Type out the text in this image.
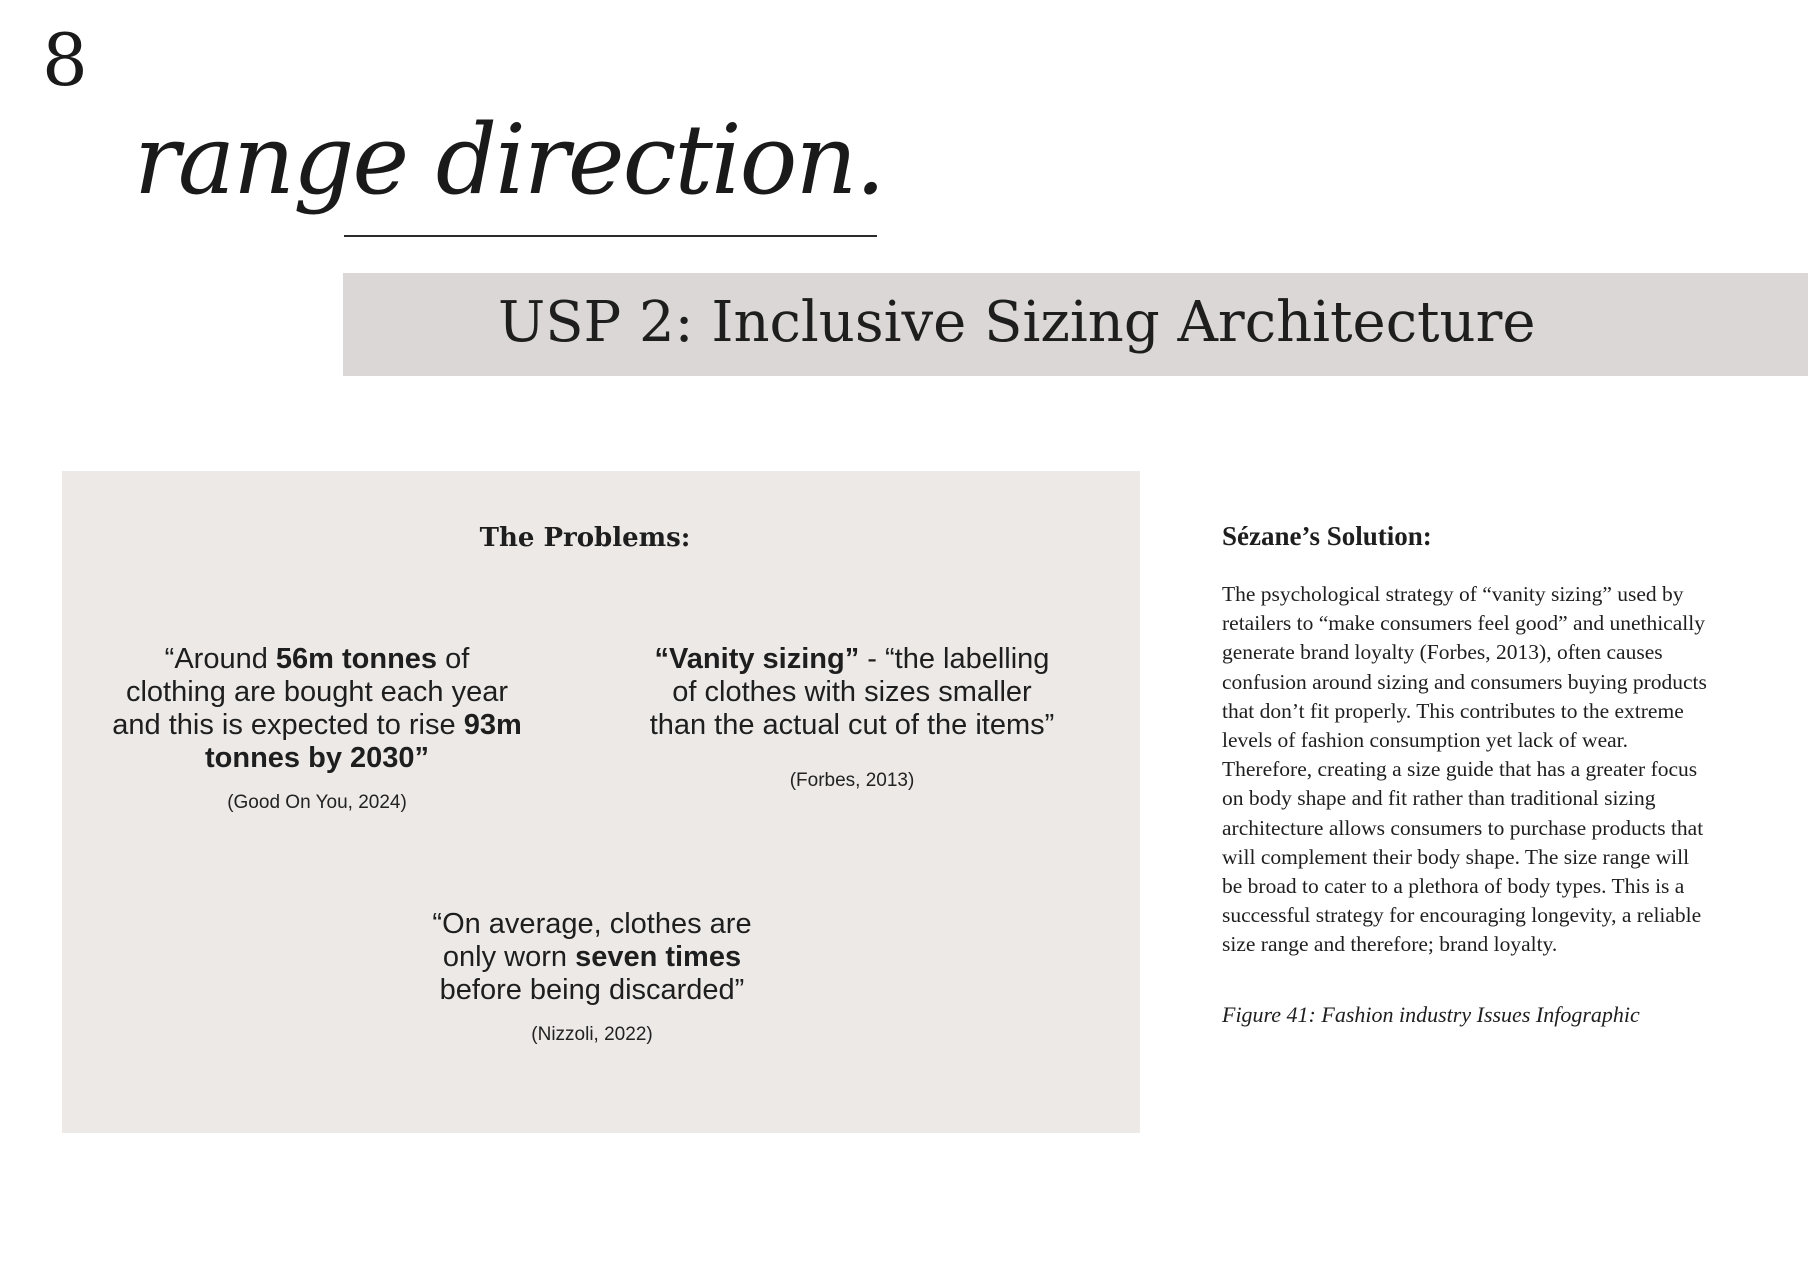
8
range direction.
USP 2: Inclusive Sizing Architecture
The Problems:
“Around 56m tonnes of clothing are bought each year and this is expected to rise 93m tonnes by 2030”
(Good On You, 2024)
“Vanity sizing” - “the labelling of clothes with sizes smaller than the actual cut of the items”
(Forbes, 2013)
“On average, clothes are only worn seven times before being discarded”
(Nizzoli, 2022)
Sézane’s Solution:

The psychological strategy of “vanity sizing” used by retailers to “make consumers feel good” and unethically generate brand loyalty (Forbes, 2013), often causes confusion around sizing and consumers buying products that don’t fit properly. This contributes to the extreme levels of fashion consumption yet lack of wear. Therefore, creating a size guide that has a greater focus on body shape and fit rather than traditional sizing architecture allows consumers to purchase products that will complement their body shape. The size range will be broad to cater to a plethora of body types. This is a successful strategy for encouraging longevity, a reliable size range and therefore; brand loyalty.

Figure 41: Fashion industry Issues Infographic
